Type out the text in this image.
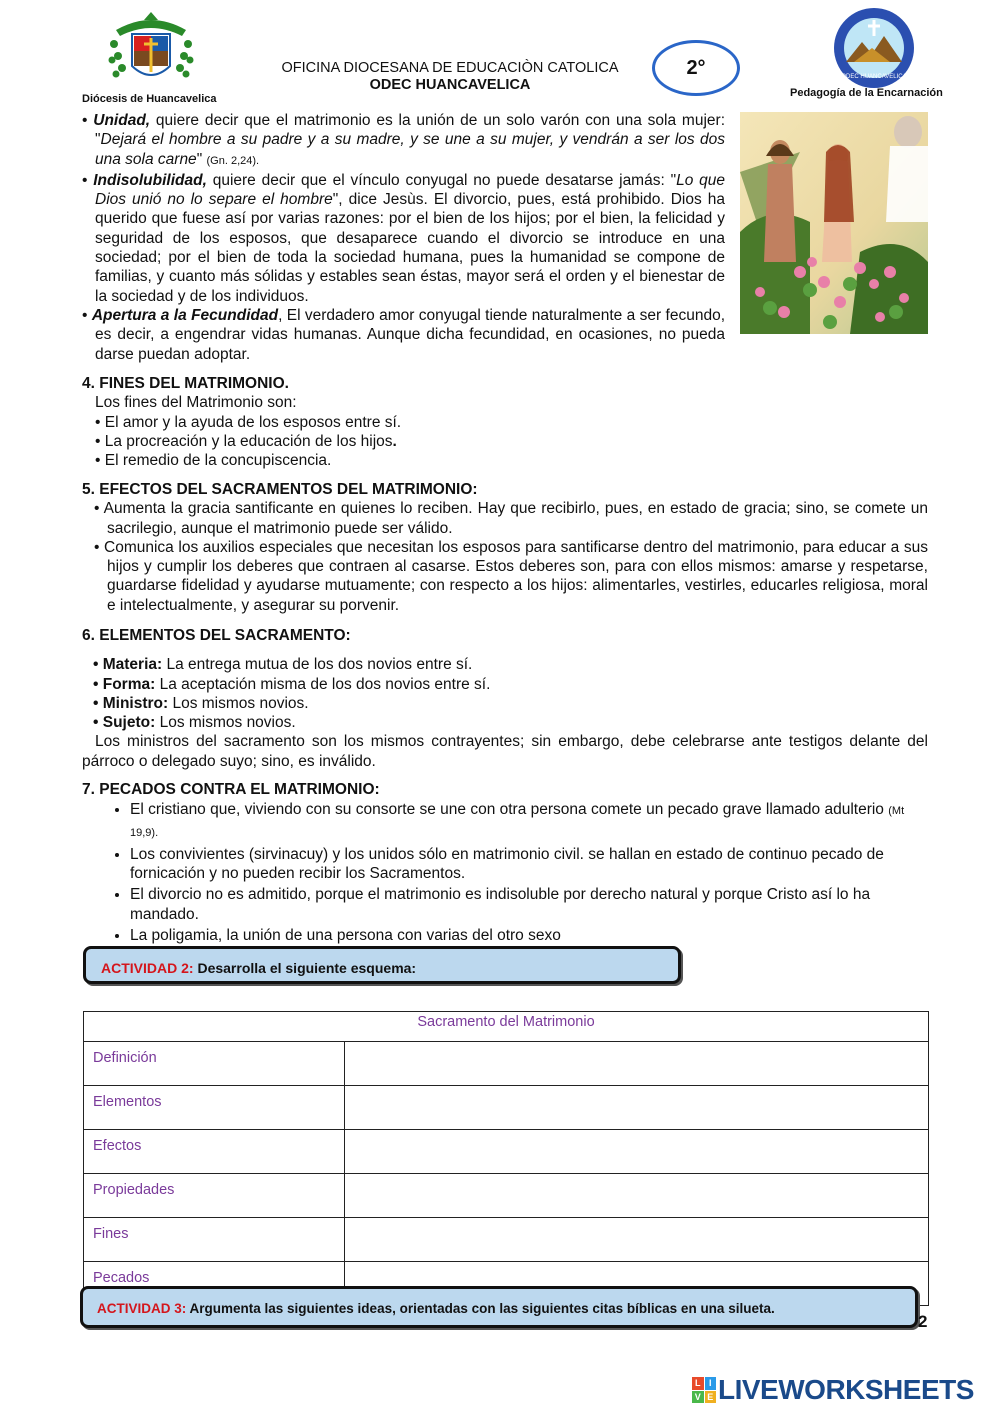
Diócesis de Huancavelica
OFICINA DIOCESANA DE EDUCACIÒN CATOLICA
ODEC HUANCAVELICA
2°	ODEC HUANCAVELICA
Pedagogía de la Encarnación
• Unidad, quiere decir que el matrimonio es la unión de un solo varón con una sola mujer: "Dejará el hombre a su padre y a su madre, y se une a su mujer, y vendrán a ser los dos una sola carne" (Gn. 2,24).
• Indisolubilidad, quiere decir que el vínculo conyugal no puede desatarse jamás: "Lo que Dios unió no lo separe el hombre", dice Jesùs. El divorcio, pues, está prohibido. Dios ha querido que fuese así por varias razones: por el bien de los hijos; por el bien, la felicidad y seguridad de los esposos, que desaparece cuando el divorcio se introduce en una sociedad; por el bien de toda la sociedad humana, pues la humanidad se compone de familias, y cuanto más sólidas y estables sean éstas, mayor será el orden y el bienestar de la sociedad y de los individuos.
• Apertura a la Fecundidad, El verdadero amor conyugal tiende naturalmente a ser fecundo, es decir, a engendrar vidas humanas. Aunque dicha fecundidad, en ocasiones, no pueda darse puedan adoptar.
4. FINES DEL MATRIMONIO.
Los fines del Matrimonio son:
• El amor y la ayuda de los esposos entre sí.
• La procreación y la educación de los hijos.
• El remedio de la concupiscencia.
5. EFECTOS DEL SACRAMENTOS DEL MATRIMONIO:
• Aumenta la gracia santificante en quienes lo reciben. Hay que recibirlo, pues, en estado de gracia; sino, se comete un sacrilegio, aunque el matrimonio puede ser válido.
• Comunica los auxilios especiales que necesitan los esposos para santificarse dentro del matrimonio, para educar a sus hijos y cumplir los deberes que contraen al casarse. Estos deberes son, para con ellos mismos: amarse y respetarse, guardarse fidelidad y ayudarse mutuamente; con respecto a los hijos: alimentarles, vestirles, educarles religiosa, moral e intelectualmente, y asegurar su porvenir.
6. ELEMENTOS DEL SACRAMENTO:
• Materia: La entrega mutua de los dos novios entre sí.
• Forma: La aceptación misma de los dos novios entre sí.
• Ministro: Los mismos novios.
• Sujeto: Los mismos novios.
Los ministros del sacramento son los mismos contrayentes; sin embargo, debe celebrarse ante testigos delante del párroco o delegado suyo; sino, es inválido.
7. PECADOS CONTRA EL MATRIMONIO:
• El cristiano que, viviendo con su consorte se une con otra persona comete un pecado grave llamado adulterio (Mt 19,9).
• Los convivientes (sirvinacuy) y los unidos sólo en matrimonio civil. se hallan en estado de continuo pecado de fornicación y no pueden recibir los Sacramentos.
• El divorcio no es admitido, porque el matrimonio es indisoluble por derecho natural y porque Cristo así lo ha mandado.
• La poligamia, la unión de una persona con varias del otro sexo
ACTIVIDAD 2: Desarrolla el siguiente esquema:
Sacramento del Matrimonio	
Definición	
Elementos	
Efectos	
Propiedades	
Fines	
Pecados	
ACTIVIDAD 3: Argumenta las siguientes ideas, orientadas con las siguientes citas bíblicas en una silueta.
2
L I
V E LIVEWORKSHEETS
